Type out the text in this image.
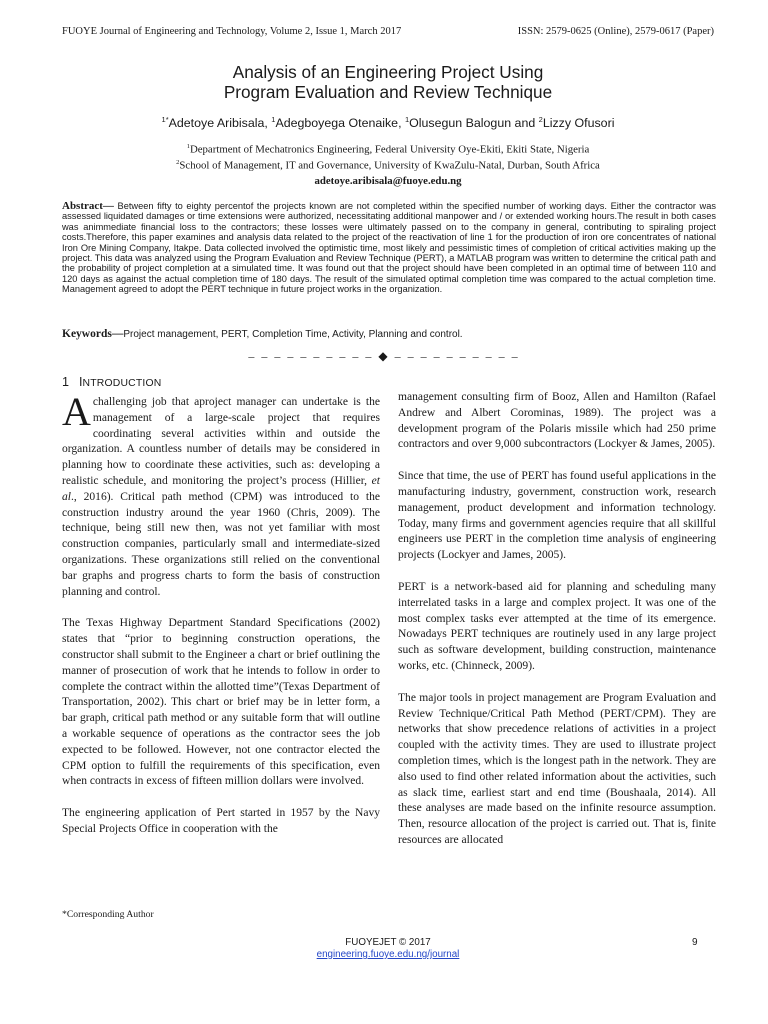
FUOYE Journal of Engineering and Technology, Volume 2, Issue 1, March 2017	ISSN: 2579-0625 (Online), 2579-0617 (Paper)
Analysis of an Engineering Project Using
Program Evaluation and Review Technique
$^{1*}$Adetoye Aribisala, $^1$Adegboyega Otenaike, $^1$Olusegun Balogun and $^2$Lizzy Ofusori
$^1$Department of Mechatronics Engineering, Federal University Oye-Ekiti, Ekiti State, Nigeria
$^2$School of Management, IT and Governance, University of KwaZulu-Natal, Durban, South Africa
adetoye.aribisala@fuoye.edu.ng
Abstract— Between fifty to eighty percentof the projects known are not completed within the specified number of working days. Either the contractor was assessed liquidated damages or time extensions were authorized, necessitating additional manpower and / or extended working hours.The result in both cases was animmediate financial loss to the contractors; these losses were ultimately passed on to the company in general, contributing to spiraling project costs.Therefore, this paper examines and analysis data related to the project of the reactivation of line 1 for the production of iron ore concentrates of national Iron Ore Mining Company, Itakpe. Data collected involved the optimistic time, most likely and pessimistic times of completion of critical activities making up the project. This data was analyzed using the Program Evaluation and Review Technique (PERT), a MATLAB program was written to determine the critical path and the probability of project completion at a simulated time. It was found out that the project should have been completed in an optimal time of between 110 and 120 days as against the actual completion time of 180 days. The result of the simulated optimal completion time was compared to the actual completion time. Management agreed to adopt the PERT technique in future project works in the organization.
Keywords—Project management, PERT, Completion Time, Activity, Planning and control.
– – – – – – – – – – ◆ – – – – – – – – – –
1 INTRODUCTION

A challenging job that aproject manager can undertake is the management of a large-scale project that requires coordinating several activities within and outside the organization. A countless number of details may be considered in planning how to coordinate these activities, such as: developing a realistic schedule, and monitoring the project’s process (Hillier, et al., 2016). Critical path method (CPM) was introduced to the construction industry around the year 1960 (Chris, 2009). The technique, being still new then, was not yet familiar with most construction companies, particularly small and intermediate-sized organizations. These organizations still relied on the conventional bar graphs and progress charts to form the basis of construction planning and control.

The Texas Highway Department Standard Specifications (2002) states that “prior to beginning construction operations, the constructor shall submit to the Engineer a chart or brief outlining the manner of prosecution of work that he intends to follow in order to complete the contract within the allotted time”(Texas Department of Transportation, 2002). This chart or brief may be in letter form, a bar graph, critical path method or any suitable form that will outline a workable sequence of operations as the contractor sees the job expected to be followed. However, not one contractor elected the CPM option to fulfill the requirements of this specification, even when contracts in excess of fifteen million dollars were involved.

The engineering application of Pert started in 1957 by the Navy Special Projects Office in cooperation with the

management consulting firm of Booz, Allen and Hamilton (Rafael Andrew and Albert Corominas, 1989). The project was a development program of the Polaris missile which had 250 prime contractors and over 9,000 subcontractors (Lockyer & James, 2005).

Since that time, the use of PERT has found useful applications in the manufacturing industry, government, construction work, research management, product development and information technology. Today, many firms and government agencies require that all skillful engineers use PERT in the completion time analysis of engineering projects (Lockyer and James, 2005).

PERT is a network-based aid for planning and scheduling many interrelated tasks in a large and complex project. It was one of the most complex tasks ever attempted at the time of its emergence. Nowadays PERT techniques are routinely used in any large project such as software development, building construction, maintenance works, etc. (Chinneck, 2009).

The major tools in project management are Program Evaluation and Review Technique/Critical Path Method (PERT/CPM). They are networks that show precedence relations of activities in a project coupled with the activity times. They are used to illustrate project completion times, which is the longest path in the network. They are also used to find other related information about the activities, such as slack time, earliest start and end time (Boushaala, 2014). All these analyses are made based on the infinite resource assumption. Then, resource allocation of the project is carried out. That is, finite resources are allocated

*Corresponding Author
FUOYEJET © 2017
engineering.fuoye.edu.ng/journal
9
